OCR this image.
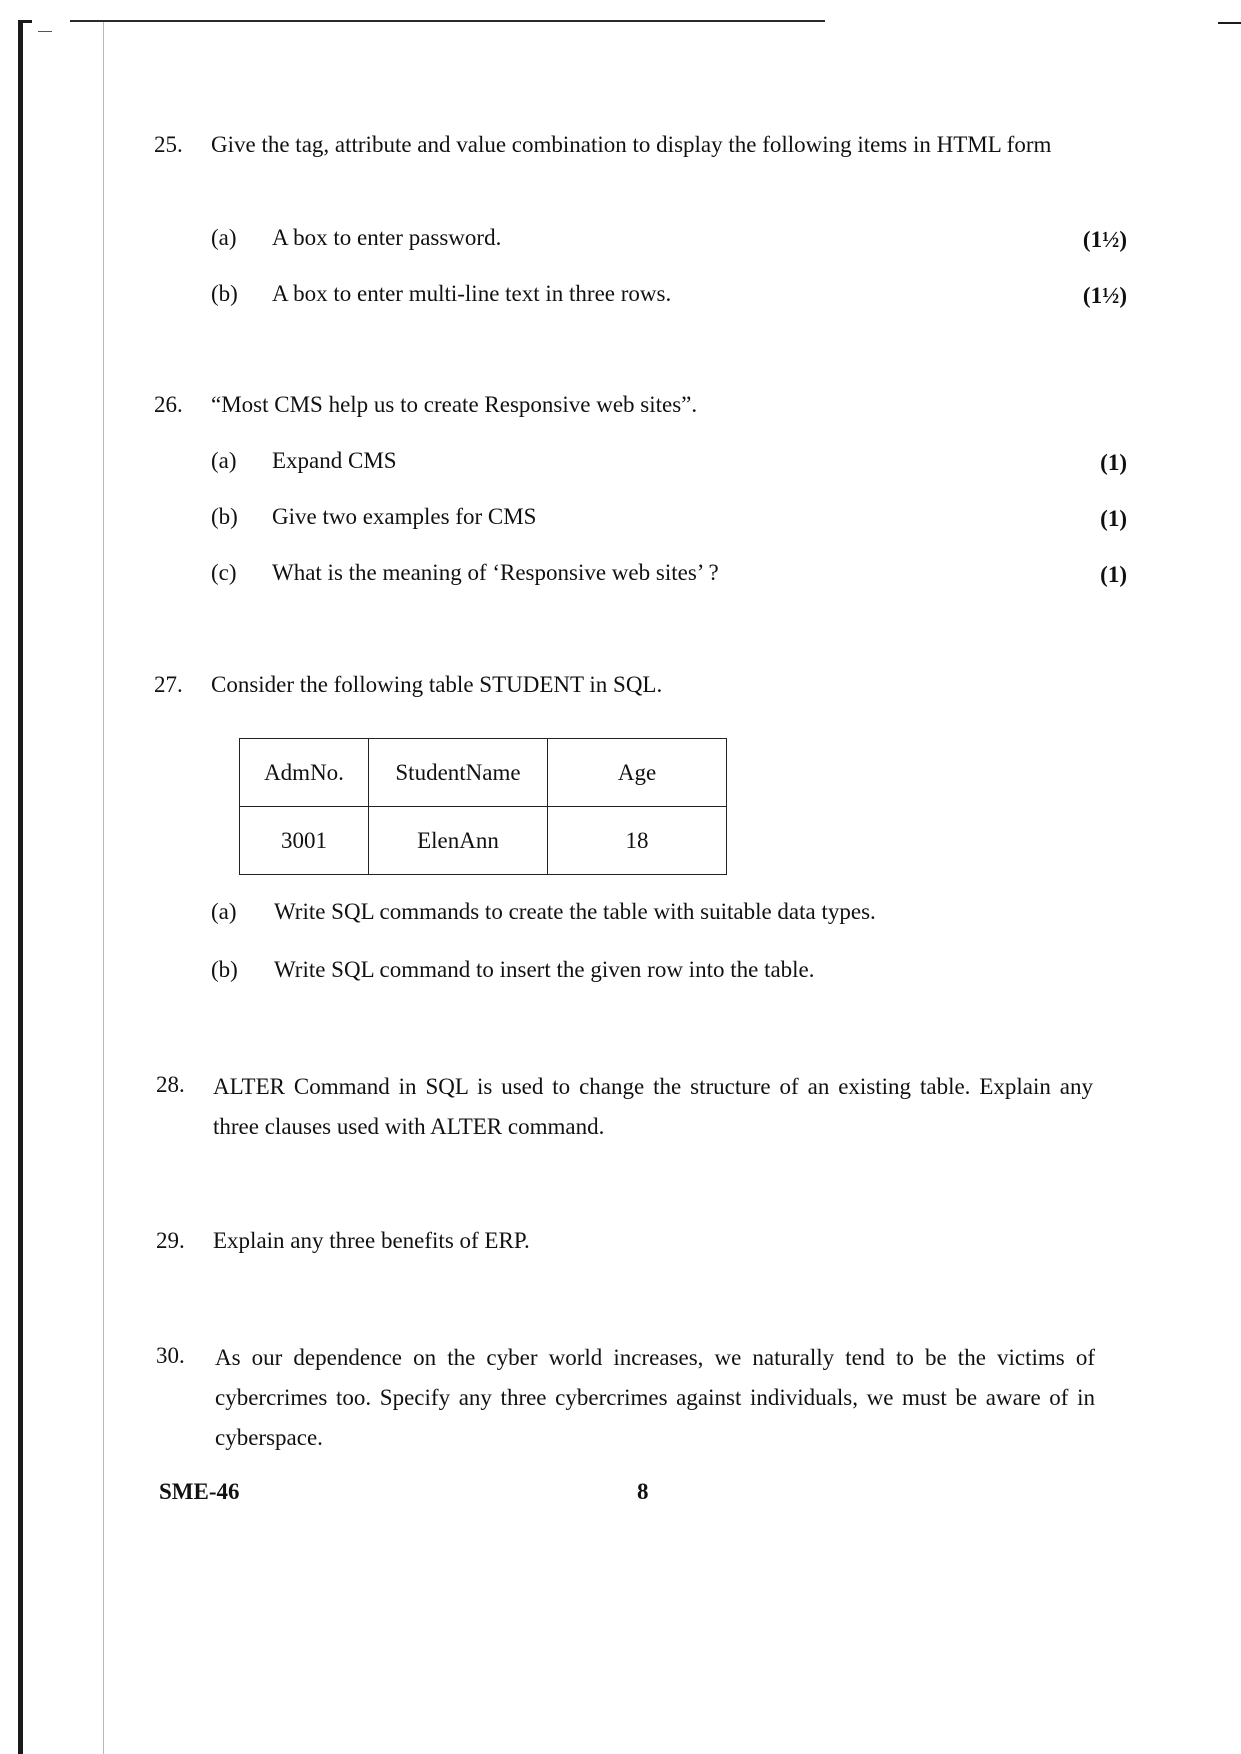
25.	Give the tag, attribute and value combination to display the following items in HTML form
(a) A box to enter password.	(1½)
(b) A box to enter multi-line text in three rows.	(1½)
26.	“Most CMS help us to create Responsive web sites”.
(a) Expand CMS	(1)
(b) Give two examples for CMS	(1)
(c) What is the meaning of ‘Responsive web sites’ ?	(1)
27.	Consider the following table STUDENT in SQL.
AdmNo.	StudentName	Age
3001	ElenAnn	18
(a) Write SQL commands to create the table with suitable data types.
(b) Write SQL command to insert the given row into the table.
28.	ALTER Command in SQL is used to change the structure of an existing table. Explain any three clauses used with ALTER command.
29.	Explain any three benefits of ERP.
30.	As our dependence on the cyber world increases, we naturally tend to be the victims of cybercrimes too. Specify any three cybercrimes against individuals, we must be aware of in cyberspace.
SME-46	8
